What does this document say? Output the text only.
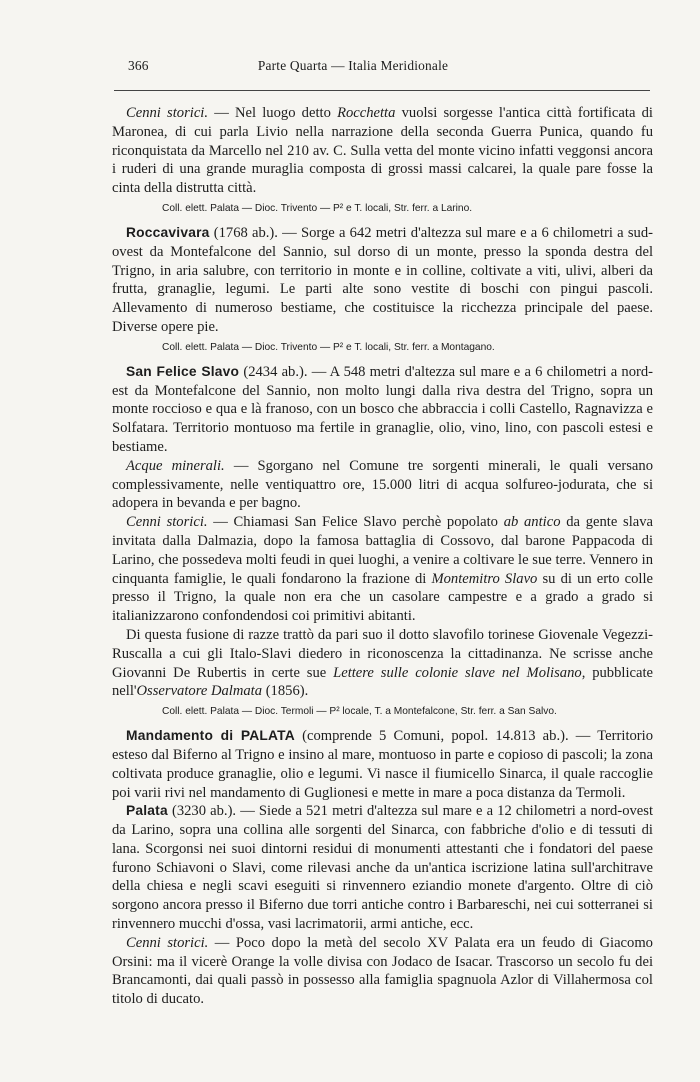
366	Parte Quarta — Italia Meridionale

Cenni storici. — Nel luogo detto Rocchetta vuolsi sorgesse l'antica città fortificata di Maronea, di cui parla Livio nella narrazione della seconda Guerra Punica, quando fu riconquistata da Marcello nel 210 av. C. Sulla vetta del monte vicino infatti veggonsi ancora i ruderi di una grande muraglia composta di grossi massi calcarei, la quale pare fosse la cinta della distrutta città.

Coll. elett. Palata — Dioc. Trivento — P² e T. locali, Str. ferr. a Larino.

Roccavivara (1768 ab.). — Sorge a 642 metri d'altezza sul mare e a 6 chilometri a sud-ovest da Montefalcone del Sannio, sul dorso di un monte, presso la sponda destra del Trigno, in aria salubre, con territorio in monte e in colline, coltivate a viti, ulivi, alberi da frutta, granaglie, legumi. Le parti alte sono vestite di boschi con pingui pascoli. Allevamento di numeroso bestiame, che costituisce la ricchezza principale del paese. Diverse opere pie.

Coll. elett. Palata — Dioc. Trivento — P² e T. locali, Str. ferr. a Montagano.

San Felice Slavo (2434 ab.). — A 548 metri d'altezza sul mare e a 6 chilometri a nord-est da Montefalcone del Sannio, non molto lungi dalla riva destra del Trigno, sopra un monte roccioso e qua e là franoso, con un bosco che abbraccia i colli Castello, Ragnavizza e Solfatara. Territorio montuoso ma fertile in granaglie, olio, vino, lino, con pascoli estesi e bestiame.

Acque minerali. — Sgorgano nel Comune tre sorgenti minerali, le quali versano complessivamente, nelle ventiquattro ore, 15.000 litri di acqua solfureo-jodurata, che si adopera in bevanda e per bagno.

Cenni storici. — Chiamasi San Felice Slavo perchè popolato ab antico da gente slava invitata dalla Dalmazia, dopo la famosa battaglia di Cossovo, dal barone Pappacoda di Larino, che possedeva molti feudi in quei luoghi, a venire a coltivare le sue terre. Vennero in cinquanta famiglie, le quali fondarono la frazione di Montemitro Slavo su di un erto colle presso il Trigno, la quale non era che un casolare campestre e a grado a grado si italianizzarono confondendosi coi primitivi abitanti.

Di questa fusione di razze trattò da pari suo il dotto slavofilo torinese Giovenale Vegezzi-Ruscalla a cui gli Italo-Slavi diedero in riconoscenza la cittadinanza. Ne scrisse anche Giovanni De Rubertis in certe sue Lettere sulle colonie slave nel Molisano, pubblicate nell'Osservatore Dalmata (1856).

Coll. elett. Palata — Dioc. Termoli — P² locale, T. a Montefalcone, Str. ferr. a San Salvo.

Mandamento di PALATA (comprende 5 Comuni, popol. 14.813 ab.). — Territorio esteso dal Biferno al Trigno e insino al mare, montuoso in parte e copioso di pascoli; la zona coltivata produce granaglie, olio e legumi. Vi nasce il fiumicello Sinarca, il quale raccoglie poi varii rivi nel mandamento di Guglionesi e mette in mare a poca distanza da Termoli.

Palata (3230 ab.). — Siede a 521 metri d'altezza sul mare e a 12 chilometri a nord-ovest da Larino, sopra una collina alle sorgenti del Sinarca, con fabbriche d'olio e di tessuti di lana. Scorgonsi nei suoi dintorni residui di monumenti attestanti che i fondatori del paese furono Schiavoni o Slavi, come rilevasi anche da un'antica iscrizione latina sull'architrave della chiesa e negli scavi eseguiti si rinvennero eziandio monete d'argento. Oltre di ciò sorgono ancora presso il Biferno due torri antiche contro i Barbareschi, nei cui sotterranei si rinvennero mucchi d'ossa, vasi lacrimatorii, armi antiche, ecc.

Cenni storici. — Poco dopo la metà del secolo XV Palata era un feudo di Giacomo Orsini: ma il vicerè Orange la volle divisa con Jodaco de Isacar. Trascorso un secolo fu dei Brancamonti, dai quali passò in possesso alla famiglia spagnuola Azlor di Villahermosa col titolo di ducato.
